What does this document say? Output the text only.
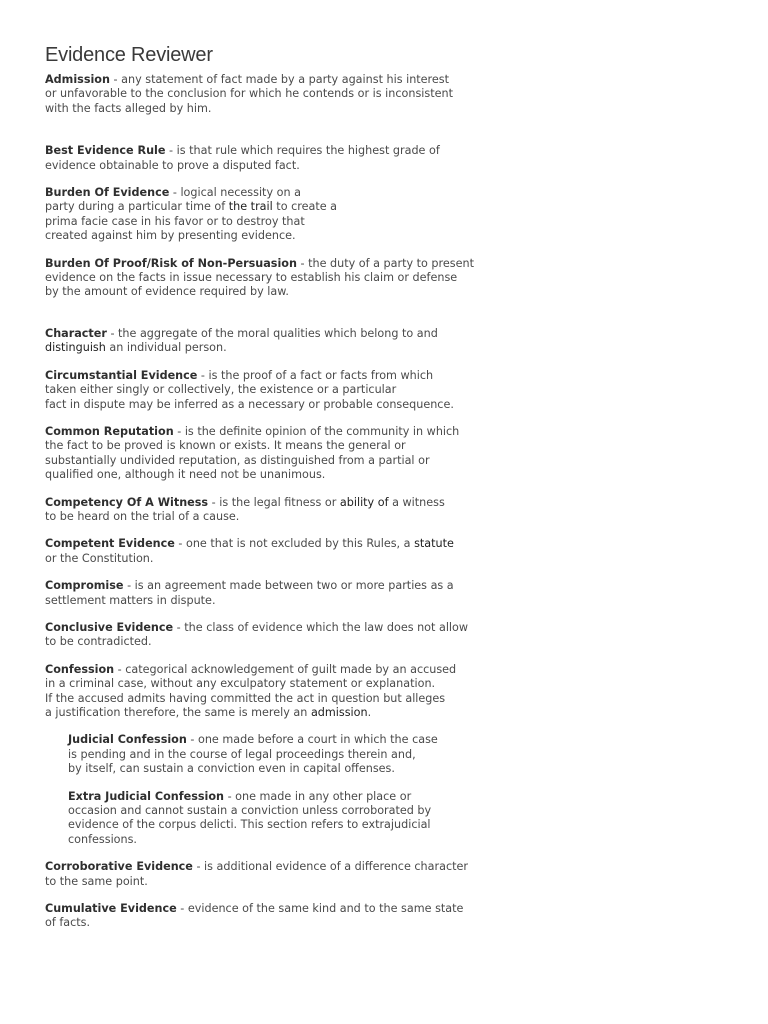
Evidence Reviewer

Admission - any statement of fact made by a party against his interest
or unfavorable to the conclusion for which he contends or is inconsistent
with the facts alleged by him.

Best Evidence Rule - is that rule which requires the highest grade of
evidence obtainable to prove a disputed fact.

Burden Of Evidence - logical necessity on a
party during a particular time of the trail to create a
prima facie case in his favor or to destroy that
created against him by presenting evidence.

Burden Of Proof/Risk of Non-Persuasion - the duty of a party to present
evidence on the facts in issue necessary to establish his claim or defense
by the amount of evidence required by law.

Character - the aggregate of the moral qualities which belong to and
distinguish an individual person.

Circumstantial Evidence - is the proof of a fact or facts from which
taken either singly or collectively, the existence or a particular
fact in dispute may be inferred as a necessary or probable consequence.

Common Reputation - is the definite opinion of the community in which
the fact to be proved is known or exists. It means the general or
substantially undivided reputation, as distinguished from a partial or
qualified one, although it need not be unanimous.

Competency Of A Witness - is the legal fitness or ability of a witness
to be heard on the trial of a cause.

Competent Evidence - one that is not excluded by this Rules, a statute
or the Constitution.

Compromise - is an agreement made between two or more parties as a
settlement matters in dispute.

Conclusive Evidence - the class of evidence which the law does not allow
to be contradicted.

Confession - categorical acknowledgement of guilt made by an accused
in a criminal case, without any exculpatory statement or explanation.
If the accused admits having committed the act in question but alleges
a justification therefore, the same is merely an admission.

Judicial Confession - one made before a court in which the case
is pending and in the course of legal proceedings therein and,
by itself, can sustain a conviction even in capital offenses.

Extra Judicial Confession - one made in any other place or
occasion and cannot sustain a conviction unless corroborated by
evidence of the corpus delicti. This section refers to extrajudicial
confessions.

Corroborative Evidence - is additional evidence of a difference character
to the same point.

Cumulative Evidence - evidence of the same kind and to the same state
of facts.
